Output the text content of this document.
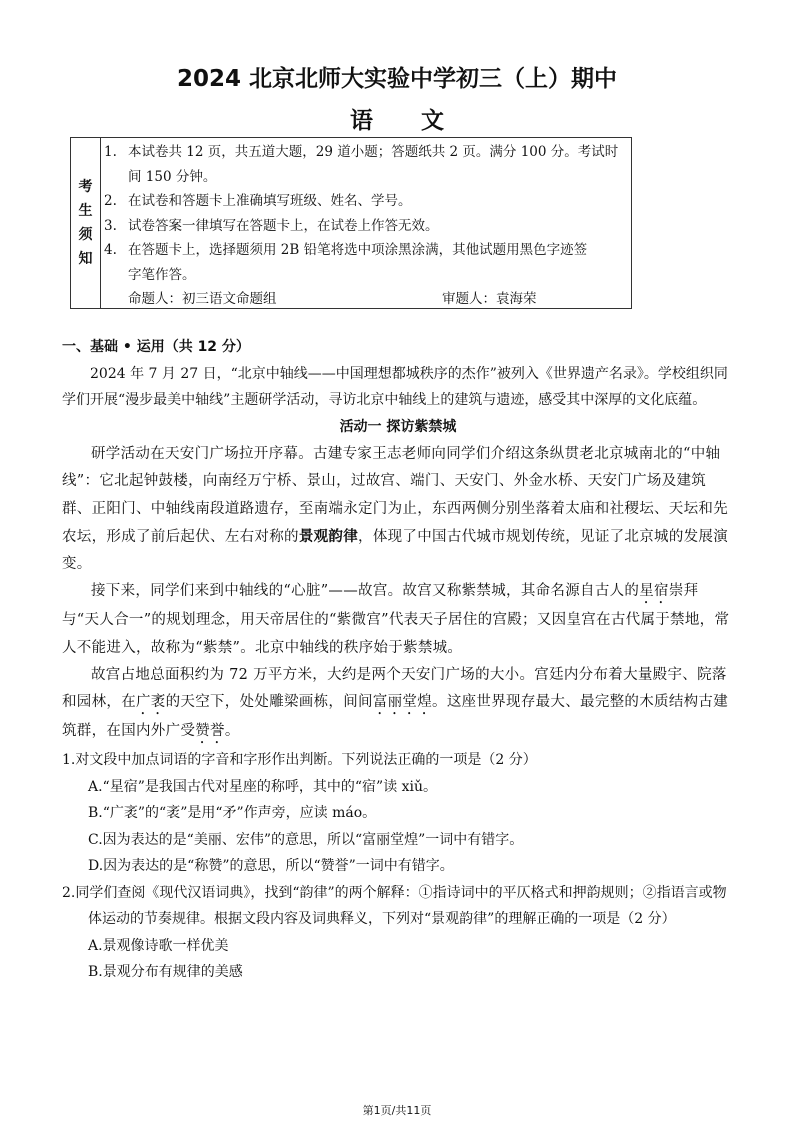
2024 北京北师大实验中学初三（上）期中
语文
考
生
须
知
1. 本试卷共 12 页，共五道大题，29 道小题；答题纸共 2 页。满分 100 分。考试时
间 150 分钟。
2. 在试卷和答题卡上准确填写班级、姓名、学号。
3. 试卷答案一律填写在答题卡上，在试卷上作答无效。
4. 在答题卡上，选择题须用 2B 铅笔将选中项涂黑涂满，其他试题用黑色字迹签
字笔作答。
命题人：初三语文命题组	审题人：袁海荣

一、基础 • 运用（共 12 分）

2024 年 7 月 27 日，“北京中轴线——中国理想都城秩序的杰作”被列入《世界遗产名录》。学校组织同学们开展“漫步最美中轴线”主题研学活动，寻访北京中轴线上的建筑与遗迹，感受其中深厚的文化底蕴。

活动一 探访紫禁城

研学活动在天安门广场拉开序幕。古建专家王志老师向同学们介绍这条纵贯老北京城南北的“中轴线”：它北起钟鼓楼，向南经万宁桥、景山，过故宫、端门、天安门、外金水桥、天安门广场及建筑群、正阳门、中轴线南段道路遗存，至南端永定门为止，东西两侧分别坐落着太庙和社稷坛、天坛和先农坛，形成了前后起伏、左右对称的景观韵律，体现了中国古代城市规划传统，见证了北京城的发展演变。

接下来，同学们来到中轴线的“心脏”——故宫。故宫又称紫禁城，其命名源自古人的星宿崇拜与“天人合一”的规划理念，用天帝居住的“紫微宫”代表天子居住的宫殿；又因皇宫在古代属于禁地，常人不能进入，故称为“紫禁”。北京中轴线的秩序始于紫禁城。

故宫占地总面积约为 72 万平方米，大约是两个天安门广场的大小。宫廷内分布着大量殿宇、院落和园林，在广袤的天空下，处处雕梁画栋，间间富丽堂煌。这座世界现存最大、最完整的木质结构古建筑群，在国内外广受赞誉。

1.对文段中加点词语的字音和字形作出判断。下列说法正确的一项是（2 分）

A.“星宿”是我国古代对星座的称呼，其中的“宿”读 xiǔ。

B.“广袤”的“袤”是用“矛”作声旁，应读 máo。

C.因为表达的是“美丽、宏伟”的意思，所以“富丽堂煌”一词中有错字。

D.因为表达的是“称赞”的意思，所以“赞誉”一词中有错字。

2.同学们查阅《现代汉语词典》，找到“韵律”的两个解释：①指诗词中的平仄格式和押韵规则；②指语言或物体运动的节奏规律。根据文段内容及词典释义，下列对“景观韵律”的理解正确的一项是（2 分）

A.景观像诗歌一样优美

B.景观分布有规律的美感

第1页/共11页
